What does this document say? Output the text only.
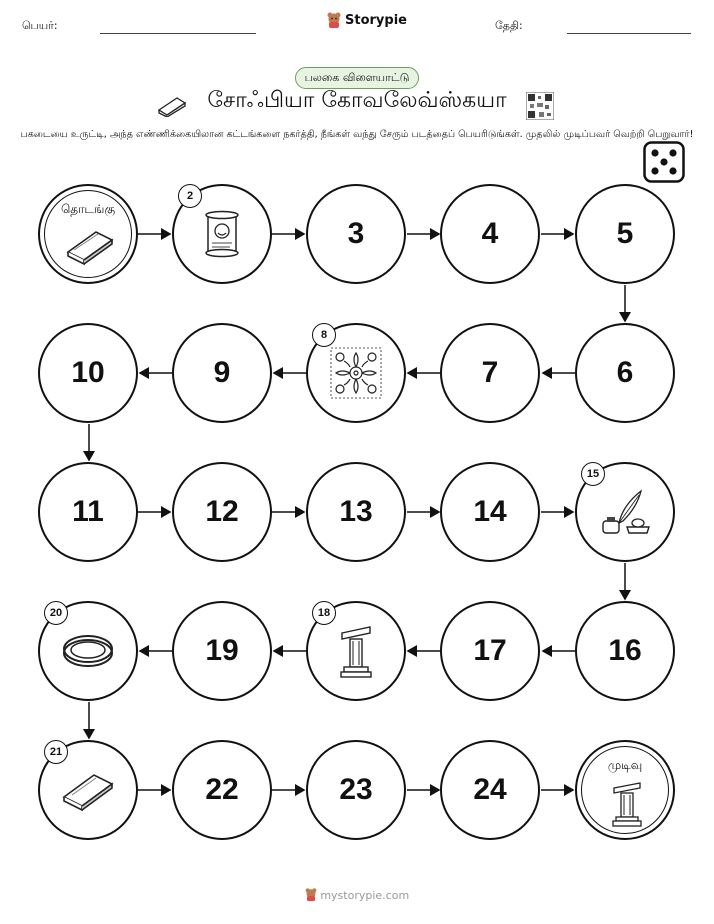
பெயர்:	Storypie	தேதி:
பலகை விளையாட்டு
சோஃபியா கோவலேவ்ஸ்கயா
பகடையை உருட்டி, அந்த எண்ணிக்கையிலான கட்டங்களை நகர்த்தி, நீங்கள் வந்து சேரும் படத்தைப் பெயரிடுங்கள். முதலில் முடிப்பவர் வெற்றி பெறுவார்!
தொடங்கு
2
3	4	5
6
7
8
9
10
11	12	13	14
15
16
17
18
19
20
21
22	23	24
முடிவு
mystorypie.com
